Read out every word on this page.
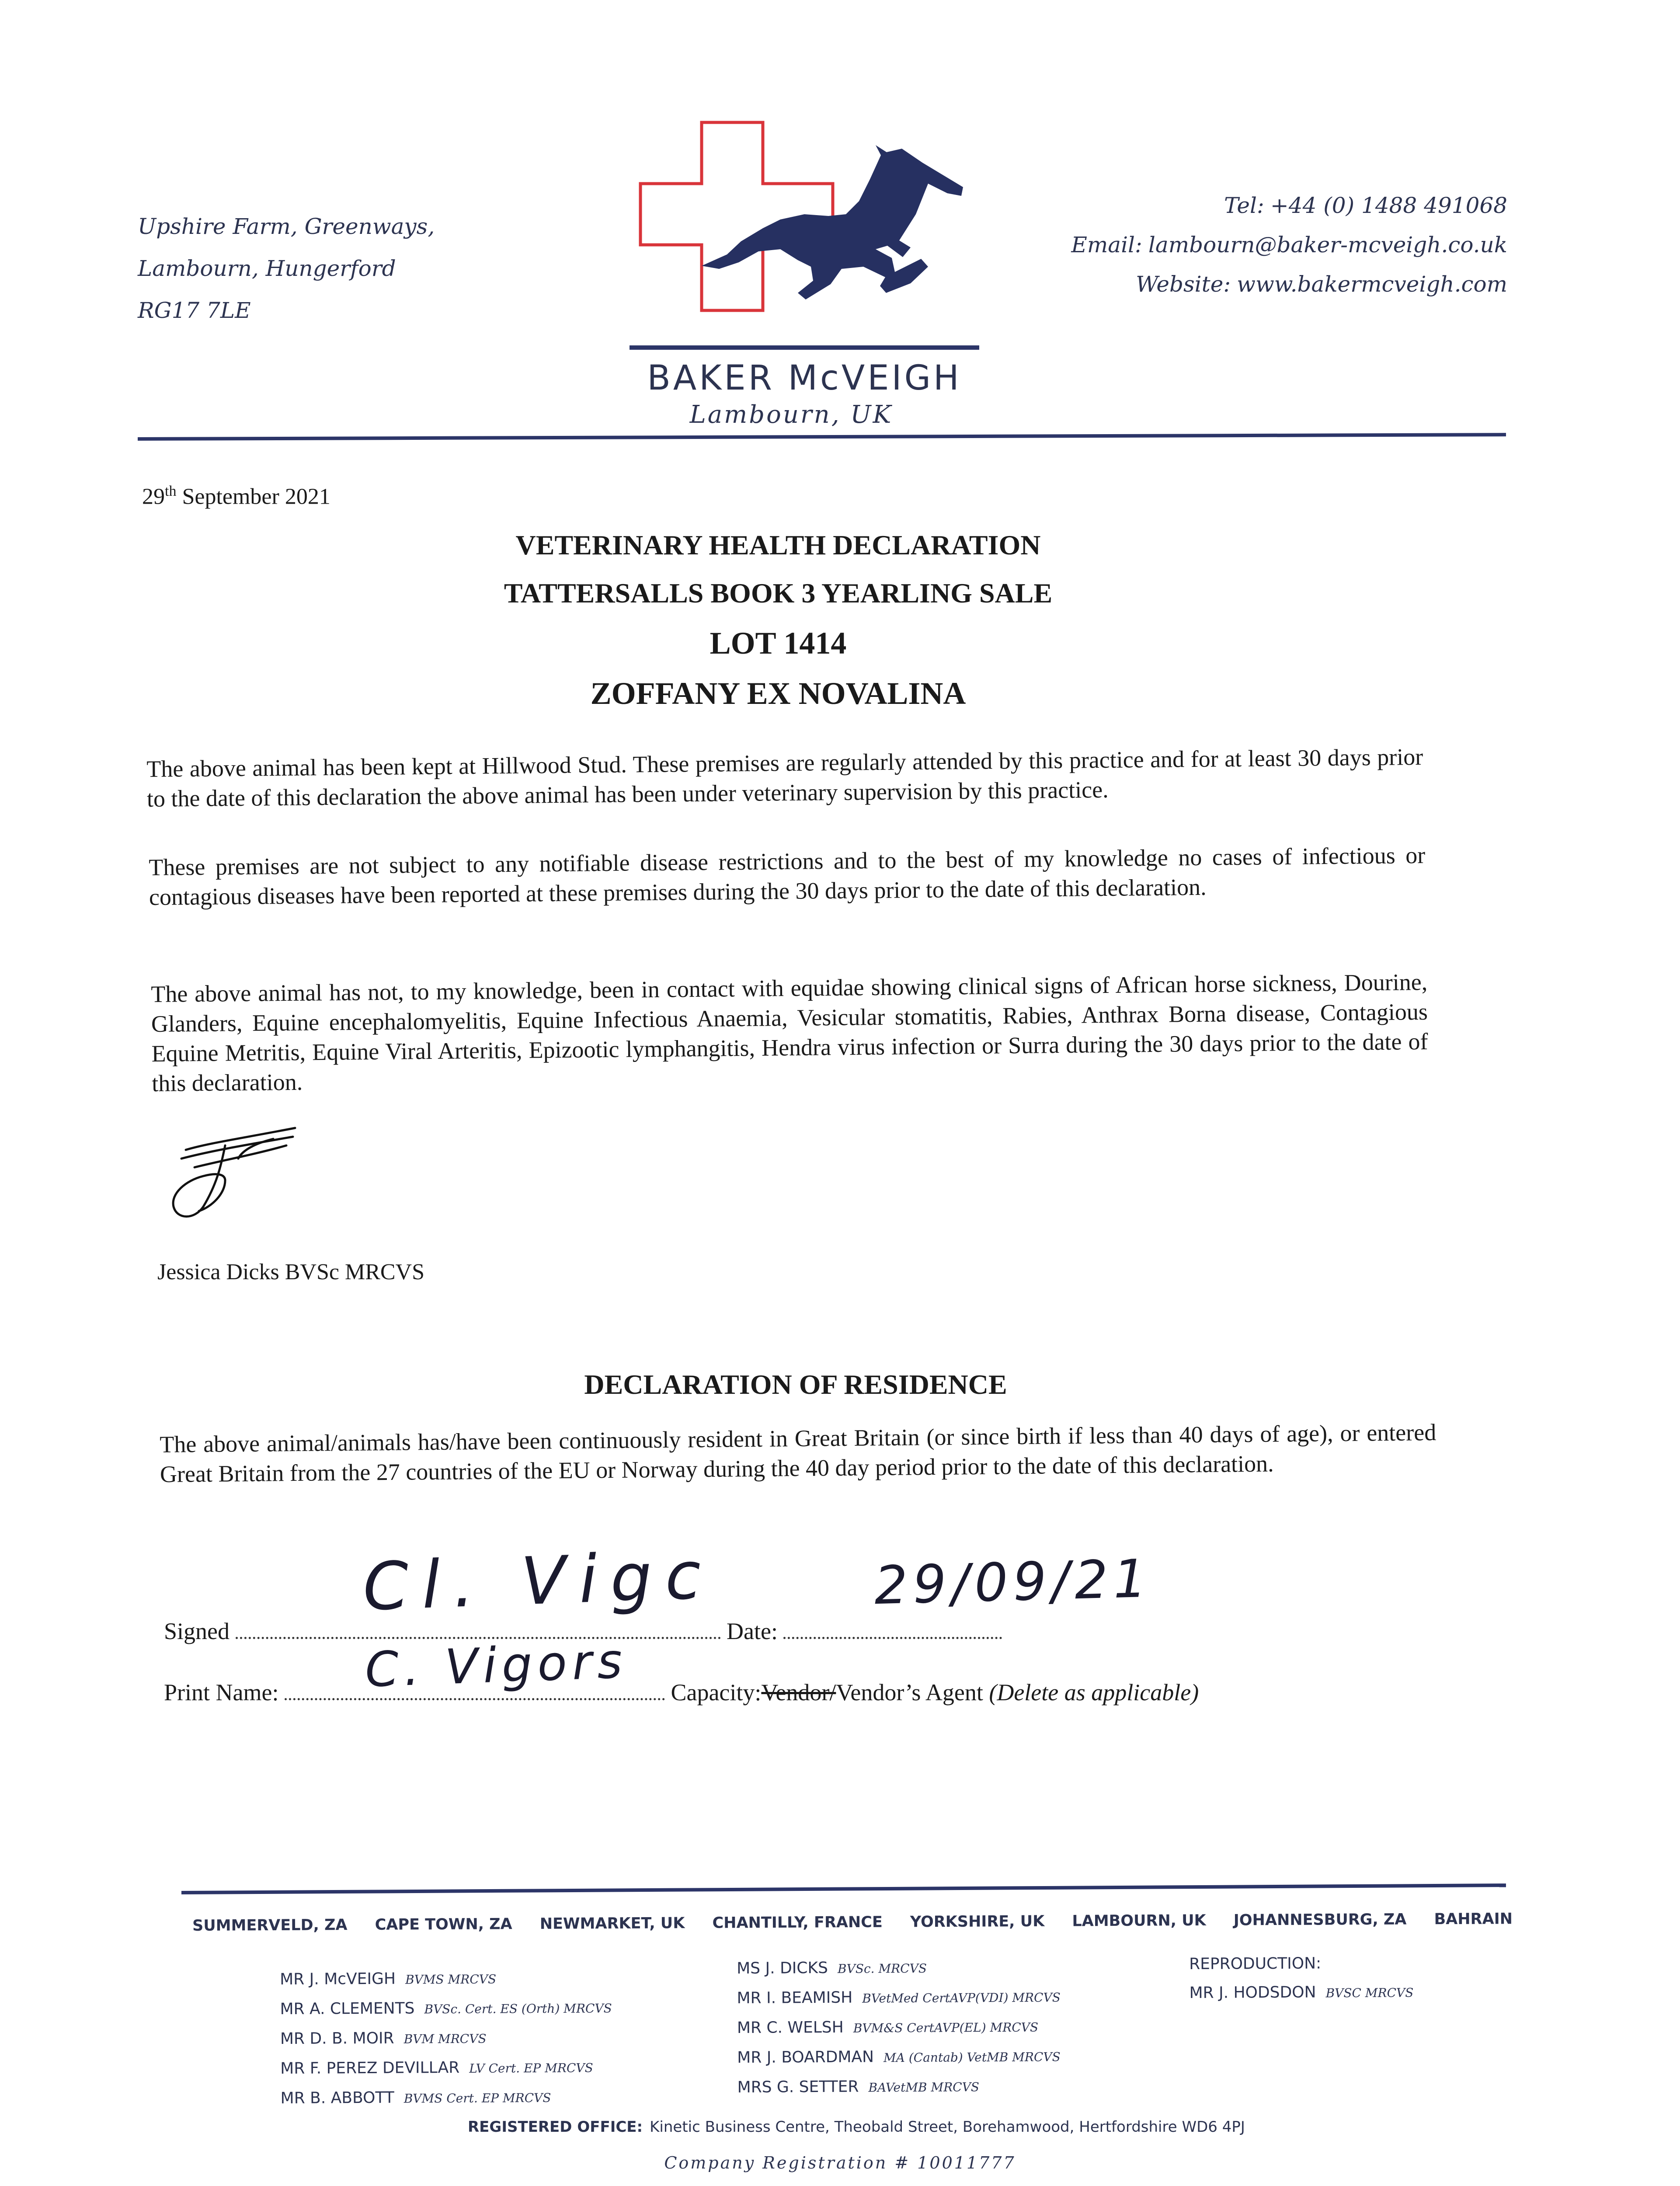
Upshire Farm, Greenways,
Lambourn, Hungerford
RG17 7LE
BAKER McVEIGH
Lambourn, UK
Tel: +44 (0) 1488 491068
Email: lambourn@baker-mcveigh.co.uk
Website: www.bakermcveigh.com
29th September 2021
VETERINARY HEALTH DECLARATION
TATTERSALLS BOOK 3 YEARLING SALE
LOT 1414
ZOFFANY EX NOVALINA
The above animal has been kept at Hillwood Stud. These premises are regularly attended by this practice and for at least 30 days prior to the date of this declaration the above animal has been under veterinary supervision by this practice.
These premises are not subject to any notifiable disease restrictions and to the best of my knowledge no cases of infectious or contagious diseases have been reported at these premises during the 30 days prior to the date of this declaration.
The above animal has not, to my knowledge, been in contact with equidae showing clinical signs of African horse sickness, Dourine, Glanders, Equine encephalomyelitis, Equine Infectious Anaemia, Vesicular stomatitis, Rabies, Anthrax Borna disease, Contagious Equine Metritis, Equine Viral Arteritis, Epizootic lymphangitis, Hendra virus infection or Surra during the 30 days prior to the date of this declaration.
Jessica Dicks BVSc MRCVS
DECLARATION OF RESIDENCE
The above animal/animals has/have been continuously resident in Great Britain (or since birth if less than 40 days of age), or entered Great Britain from the 27 countries of the EU or Norway during the 40 day period prior to the date of this declaration.
Signed	Date:
Print Name:	Capacity:Vendor/Vendor’s Agent (Delete as applicable)
Cl. Vigc	29/09/21
C. Vigors
SUMMERVELD, ZA CAPE TOWN, ZA NEWMARKET, UK CHANTILLY, FRANCE YORKSHIRE, UK LAMBOURN, UK JOHANNESBURG, ZA BAHRAIN
MR J. McVEIGH BVMS MRCVS
MR A. CLEMENTS BVSc. Cert. ES (Orth) MRCVS
MR D. B. MOIR BVM MRCVS
MR F. PEREZ DEVILLAR LV Cert. EP MRCVS
MR B. ABBOTT BVMS Cert. EP MRCVS
MS J. DICKS BVSc. MRCVS
MR I. BEAMISH BVetMed CertAVP(VDI) MRCVS
MR C. WELSH BVM&S CertAVP(EL) MRCVS
MR J. BOARDMAN MA (Cantab) VetMB MRCVS
MRS G. SETTER BAVetMB MRCVS
REPRODUCTION:
MR J. HODSDON BVSC MRCVS
REGISTERED OFFICE: Kinetic Business Centre, Theobald Street, Borehamwood, Hertfordshire WD6 4PJ
Company Registration # 10011777
